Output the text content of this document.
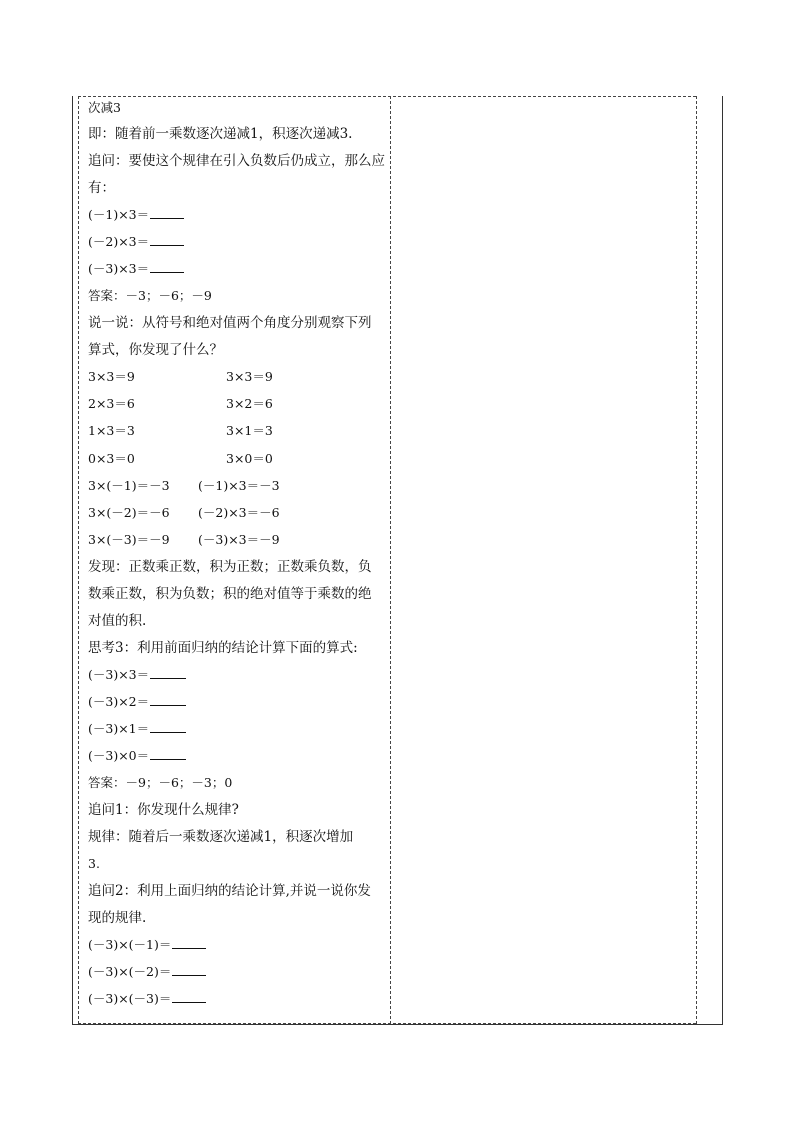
次减3
即：随着前一乘数逐次递减1，积逐次递减3.
追问：要使这个规律在引入负数后仍成立，那么应
有：
(－1)×3＝
(－2)×3＝
(－3)×3＝
答案：－3；－6；－9
说一说：从符号和绝对值两个角度分别观察下列
算式，你发现了什么？
3×3＝9	3×3＝9
2×3＝6	3×2＝6
1×3＝3	3×1＝3
0×3＝0	3×0＝0
3×(－1)＝－3 (－1)×3＝－3
3×(－2)＝－6 (－2)×3＝－6
3×(－3)＝－9 (－3)×3＝－9
发现：正数乘正数，积为正数；正数乘负数，负
数乘正数，积为负数；积的绝对值等于乘数的绝
对值的积.
思考3：利用前面归纳的结论计算下面的算式:
(－3)×3＝
(－3)×2＝
(－3)×1＝
(－3)×0＝
答案：－9；－6；－3；0
追问1：你发现什么规律?
规律：随着后一乘数逐次递减1，积逐次增加
3.
追问2：利用上面归纳的结论计算,并说一说你发
现的规律.
(－3)×(－1)＝
(－3)×(－2)＝
(－3)×(－3)＝
